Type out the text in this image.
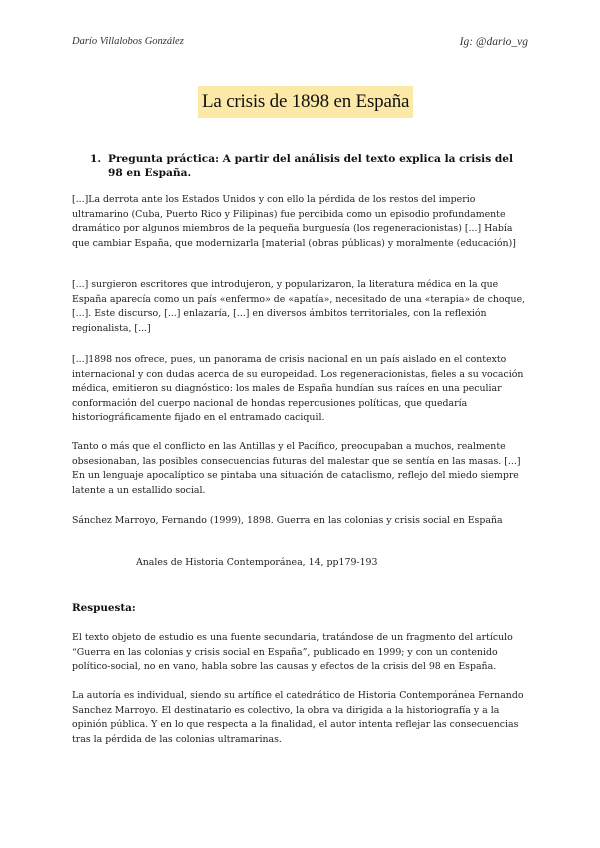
Darío Villalobos González	Ig: @dario_vg
La crisis de 1898 en España
1. Pregunta práctica: A partir del análisis del texto explica la crisis del 98 en España.

[...]La derrota ante los Estados Unidos y con ello la pérdida de los restos del imperio ultramarino (Cuba, Puerto Rico y Filipinas) fue percibida como un episodio profundamente dramático por algunos miembros de la pequeña burguesía (los regeneracionistas) [...] Había que cambiar España, que modernizarla [material (obras públicas) y moralmente (educación)]

[...] surgieron escritores que introdujeron, y popularizaron, la literatura médica en la que España aparecía como un país «enfermo» de «apatía», necesitado de una «terapia» de choque, [...]. Este discurso, [...] enlazaría, [...] en diversos ámbitos territoriales, con la reflexión regionalista, [...]

[...]1898 nos ofrece, pues, un panorama de crisis nacional en un país aislado en el contexto internacional y con dudas acerca de su europeidad. Los regeneracionistas, fieles a su vocación médica, emitieron su diagnóstico: los males de España hundían sus raíces en una peculiar conformación del cuerpo nacional de hondas repercusiones políticas, que quedaría historiográficamente fijado en el entramado caciquil.

Tanto o más que el conflicto en las Antillas y el Pacífico, preocupaban a muchos, realmente obsesionaban, las posibles consecuencias futuras del malestar que se sentía en las masas. [...] En un lenguaje apocalíptico se pintaba una situación de cataclismo, reflejo del miedo siempre latente a un estallido social.

Sánchez Marroyo, Fernando (1999), 1898. Guerra en las colonias y crisis social en España

Anales de Historia Contemporánea, 14, pp179-193

Respuesta:

El texto objeto de estudio es una fuente secundaria, tratándose de un fragmento del artículo “Guerra en las colonias y crisis social en España”, publicado en 1999; y con un contenido político-social, no en vano, habla sobre las causas y efectos de la crisis del 98 en España.

La autoría es individual, siendo su artífice el catedrático de Historia Contemporánea Fernando Sanchez Marroyo. El destinatario es colectivo, la obra va dirigida a la historiografía y a la opinión pública. Y en lo que respecta a la finalidad, el autor intenta reflejar las consecuencias tras la pérdida de las colonias ultramarinas.
